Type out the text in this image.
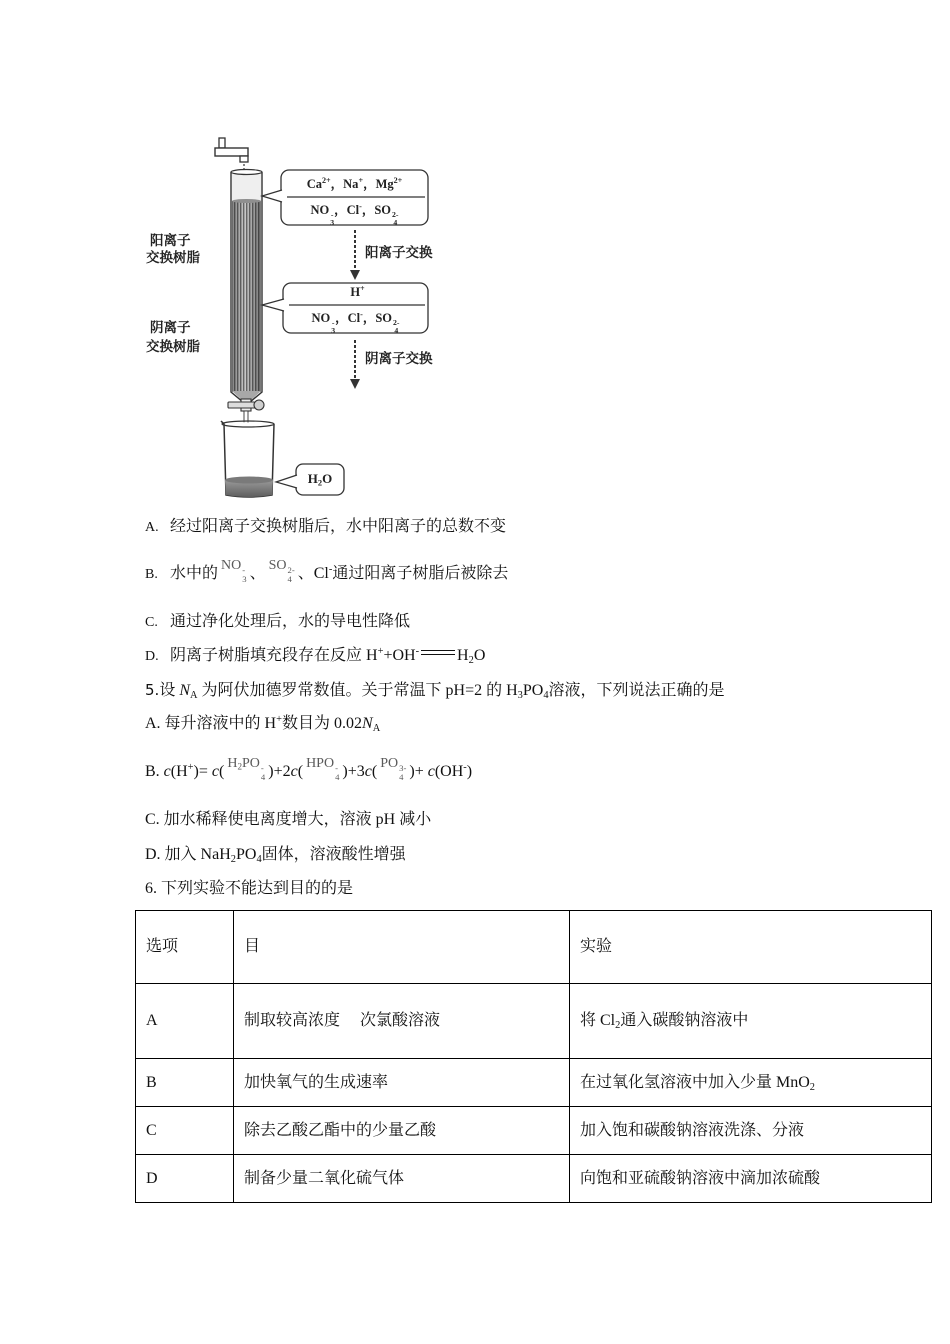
阳离子
交换树脂
阴离子
交换树脂
$Ca^{2+}$，Na+，$Mg^{2+}$
NO -
3
，Cl-，SO 2-
4
阳离子交换
H+
NO -
3
，Cl-，SO 2-
4
阴离子交换
$H_2O$
A. 经过阳离子交换树脂后，水中阳离子的总数不变
B. 水中的 NO -
3 、 SO 2-
4 、Cl-通过阳离子树脂后被除去
C. 通过净化处理后，水的导电性降低
D. 阴离子树脂填充段存在反应 H++OH- $H_2O$
5.设 $N_A$ 为阿伏加德罗常数值。关于常温下 pH=2 的 $H_3PO_4$溶液，下列说法正确的是
A. 每升溶液中的 H+数目为 $0.02N_A$
B. c(H+)= c( $H_2PO$ -
4 )+2c( HPO -
4 )+3c( PO 3-
4 )+ c(OH-)
C. 加水稀释使电离度增大，溶液 pH 减小
D. 加入 $NaH_2PO_4$固体，溶液酸性增强
6. 下列实验不能达到目的的是
选项	目	实验
A	制取较高浓度     次氯酸溶液	将 $Cl_2$通入碳酸钠溶液中
B	加快氧气的生成速率	在过氧化氢溶液中加入少量 MnO$_2$
C	除去乙酸乙酯中的少量乙酸	加入饱和碳酸钠溶液洗涤、分液
D	制备少量二氧化硫气体	向饱和亚硫酸钠溶液中滴加浓硫酸
